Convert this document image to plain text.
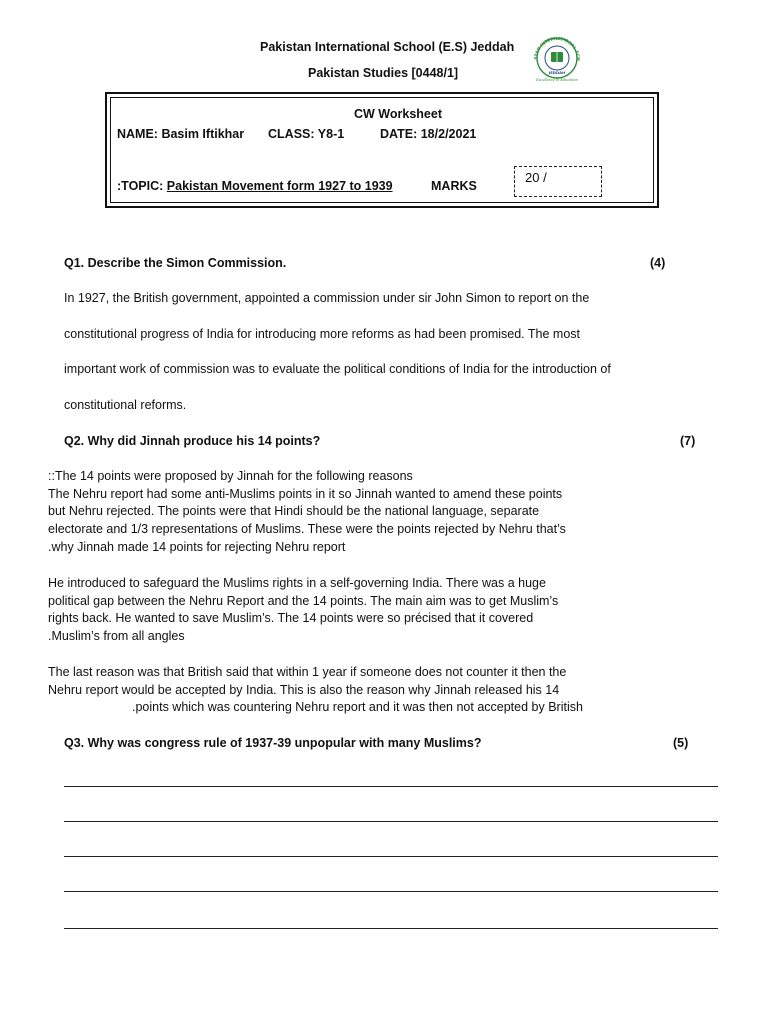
Pakistan International School (E.S) Jeddah
Pakistan Studies [0448/1]
STAN INTERNATIONAL SCH
JEDDAH
Excellence In Education
CW Worksheet
NAME: Basim Iftikhar CLASS: Y8-1	DATE: 18/2/2021
:TOPIC: Pakistan Movement form 1927 to 1939	MARKS
20 /
Q1. Describe the Simon Commission.	(4)
In 1927, the British government, appointed a commission under sir John Simon to report on the
constitutional progress of India for introducing more reforms as had been promised. The most
important work of commission was to evaluate the political conditions of India for the introduction of
constitutional reforms.
Q2. Why did Jinnah produce his 14 points?	(7)
::The 14 points were proposed by Jinnah for the following reasons
The Nehru report had some anti-Muslims points in it so Jinnah wanted to amend these points
but Nehru rejected. The points were that Hindi should be the national language, separate
electorate and 1/3 representations of Muslims. These were the points rejected by Nehru that’s
.why Jinnah made 14 points for rejecting Nehru report
He introduced to safeguard the Muslims rights in a self-governing India. There was a huge
political gap between the Nehru Report and the 14 points. The main aim was to get Muslim’s
rights back. He wanted to save Muslim’s. The 14 points were so précised that it covered
.Muslim’s from all angles
The last reason was that British said that within 1 year if someone does not counter it then the
Nehru report would be accepted by India. This is also the reason why Jinnah released his 14
.points which was countering Nehru report and it was then not accepted by British
Q3. Why was congress rule of 1937-39 unpopular with many Muslims?	(5)
